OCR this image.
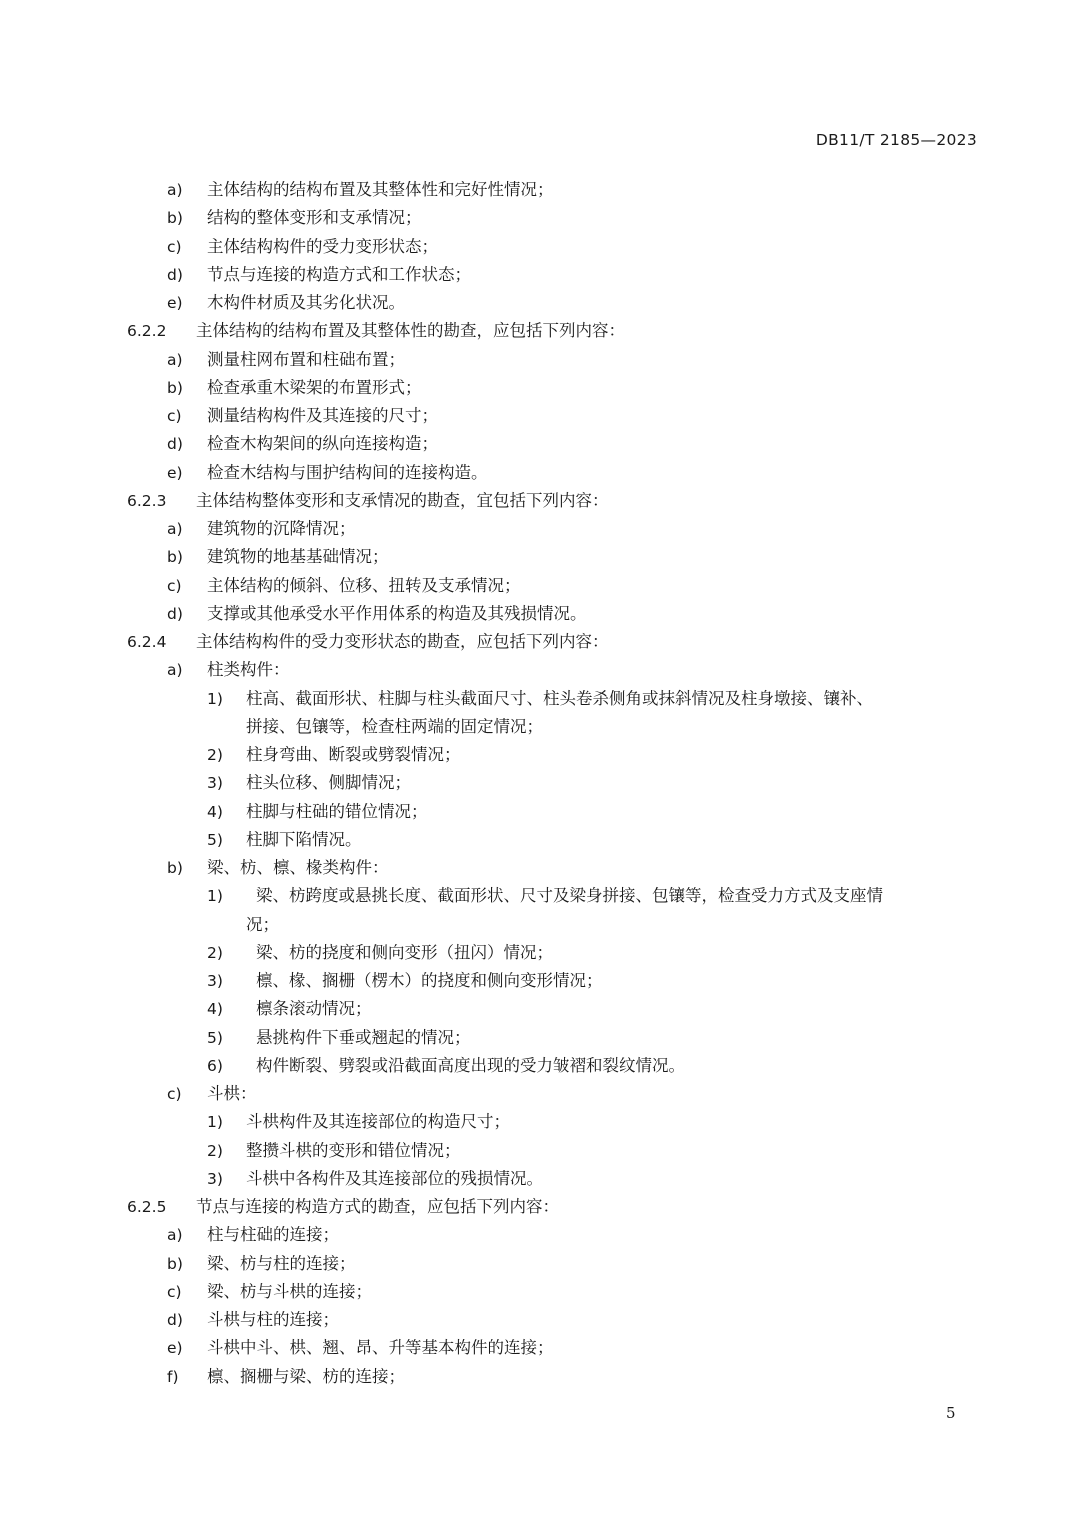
DB11/T 2185—2023
a) 主体结构的结构布置及其整体性和完好性情况；
b) 结构的整体变形和支承情况；
c) 主体结构构件的受力变形状态；
d) 节点与连接的构造方式和工作状态；
e) 木构件材质及其劣化状况。
6.2.2 主体结构的结构布置及其整体性的勘查，应包括下列内容：
a) 测量柱网布置和柱础布置；
b) 检查承重木梁架的布置形式；
c) 测量结构构件及其连接的尺寸；
d) 检查木构架间的纵向连接构造；
e) 检查木结构与围护结构间的连接构造。
6.2.3 主体结构整体变形和支承情况的勘查，宜包括下列内容：
a) 建筑物的沉降情况；
b) 建筑物的地基基础情况；
c) 主体结构的倾斜、位移、扭转及支承情况；
d) 支撑或其他承受水平作用体系的构造及其残损情况。
6.2.4 主体结构构件的受力变形状态的勘查，应包括下列内容：
a) 柱类构件：
1) 柱高、截面形状、柱脚与柱头截面尺寸、柱头卷杀侧角或抹斜情况及柱身墩接、镶补、
拼接、包镶等，检查柱两端的固定情况；
2) 柱身弯曲、断裂或劈裂情况；
3) 柱头位移、侧脚情况；
4) 柱脚与柱础的错位情况；
5) 柱脚下陷情况。
b) 梁、枋、檩、椽类构件：
1) 梁、枋跨度或悬挑长度、截面形状、尺寸及梁身拼接、包镶等，检查受力方式及支座情
况；
2) 梁、枋的挠度和侧向变形（扭闪）情况；
3) 檩、椽、搁栅（楞木）的挠度和侧向变形情况；
4) 檩条滚动情况；
5) 悬挑构件下垂或翘起的情况；
6) 构件断裂、劈裂或沿截面高度出现的受力皱褶和裂纹情况。
c) 斗栱：
1) 斗栱构件及其连接部位的构造尺寸；
2) 整攒斗栱的变形和错位情况；
3) 斗栱中各构件及其连接部位的残损情况。
6.2.5 节点与连接的构造方式的勘查，应包括下列内容：
a) 柱与柱础的连接；
b) 梁、枋与柱的连接；
c) 梁、枋与斗栱的连接；
d) 斗栱与柱的连接；
e) 斗栱中斗、栱、翘、昂、升等基本构件的连接；
f) 檩、搁栅与梁、枋的连接；
5
